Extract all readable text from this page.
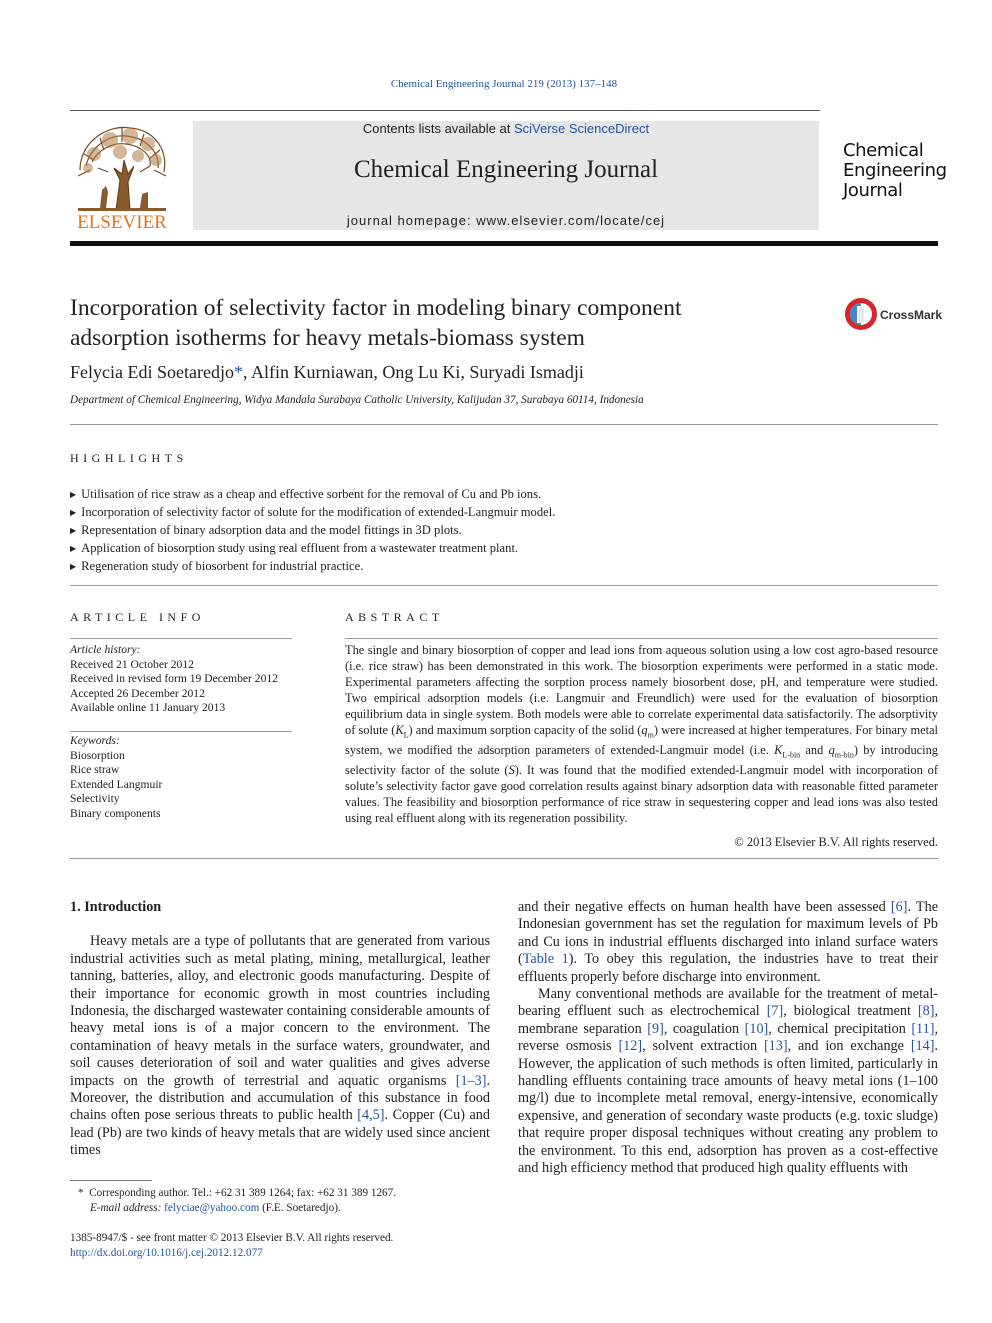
Chemical Engineering Journal 219 (2013) 137–148
ELSEVIER
Contents lists available at SciVerse ScienceDirect
Chemical Engineering Journal
journal homepage: www.elsevier.com/locate/cej
Chemical
Engineering
Journal
Incorporation of selectivity factor in modeling binary component
adsorption isotherms for heavy metals-biomass system
CrossMark
Felycia Edi Soetaredjo*, Alfin Kurniawan, Ong Lu Ki, Suryadi Ismadji
Department of Chemical Engineering, Widya Mandala Surabaya Catholic University, Kalijudan 37, Surabaya 60114, Indonesia
HIGHLIGHTS
▶ Utilisation of rice straw as a cheap and effective sorbent for the removal of Cu and Pb ions.
▶ Incorporation of selectivity factor of solute for the modification of extended-Langmuir model.
▶ Representation of binary adsorption data and the model fittings in 3D plots.
▶ Application of biosorption study using real effluent from a wastewater treatment plant.
▶ Regeneration study of biosorbent for industrial practice.
ARTICLE INFO
Article history:
Received 21 October 2012
Received in revised form 19 December 2012
Accepted 26 December 2012
Available online 11 January 2013
Keywords:
Biosorption
Rice straw
Extended Langmuir
Selectivity
Binary components
ABSTRACT

The single and binary biosorption of copper and lead ions from aqueous solution using a low cost agro-based resource (i.e. rice straw) has been demonstrated in this work. The biosorption experiments were performed in a static mode. Experimental parameters affecting the sorption process namely biosorbent dose, pH, and temperature were studied. Two empirical adsorption models (i.e. Langmuir and Freundlich) were used for the evaluation of biosorption equilibrium data in single system. Both models were able to correlate experimental data satisfactorily. The adsorptivity of solute $(K_L)$ and maximum sorption capacity of the solid $(q_m)$ were increased at higher temperatures. For binary metal system, we modified the adsorption parameters of extended-Langmuir model (i.e. $K_{L-bin}$ and $q_{m-bin}$) by introducing selectivity factor of the solute (S). It was found that the modified extended-Langmuir model with incorporation of solute’s selectivity factor gave good correlation results against binary adsorption data with reasonable fitted parameter values. The feasibility and biosorption performance of rice straw in sequestering copper and lead ions was also tested using real effluent along with its regeneration possibility.

© 2013 Elsevier B.V. All rights reserved.

1. Introduction

Heavy metals are a type of pollutants that are generated from various industrial activities such as metal plating, mining, metallurgical, leather tanning, batteries, alloy, and electronic goods manufacturing. Despite of their importance for economic growth in most countries including Indonesia, the discharged wastewater containing considerable amounts of heavy metal ions is of a major concern to the environment. The contamination of heavy metals in the surface waters, groundwater, and soil causes deterioration of soil and water qualities and gives adverse impacts on the growth of terrestrial and aquatic organisms [1–3]. Moreover, the distribution and accumulation of this substance in food chains often pose serious threats to public health [4,5]. Copper (Cu) and lead (Pb) are two kinds of heavy metals that are widely used since ancient times

and their negative effects on human health have been assessed [6]. The Indonesian government has set the regulation for maximum levels of Pb and Cu ions in industrial effluents discharged into inland surface waters (Table 1). To obey this regulation, the industries have to treat their effluents properly before discharge into environment.

Many conventional methods are available for the treatment of metal-bearing effluent such as electrochemical [7], biological treatment [8], membrane separation [9], coagulation [10], chemical precipitation [11], reverse osmosis [12], solvent extraction [13], and ion exchange [14]. However, the application of such methods is often limited, particularly in handling effluents containing trace amounts of heavy metal ions (1–100 mg/l) due to incomplete metal removal, energy-intensive, economically expensive, and generation of secondary waste products (e.g. toxic sludge) that require proper disposal techniques without creating any problem to the environment. To this end, adsorption has proven as a cost-effective and high efficiency method that produced high quality effluents with

* Corresponding author. Tel.: +62 31 389 1264; fax: +62 31 389 1267.
E-mail address: felyciae@yahoo.com (F.E. Soetaredjo).
1385-8947/$ - see front matter © 2013 Elsevier B.V. All rights reserved.
http://dx.doi.org/10.1016/j.cej.2012.12.077
